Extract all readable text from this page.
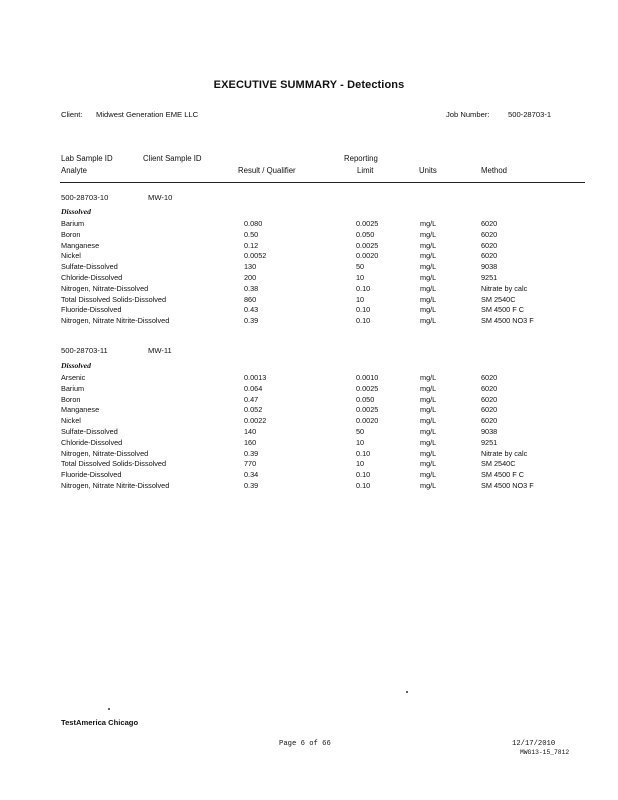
EXECUTIVE SUMMARY - Detections
Client: Midwest Generation EME LLC	Job Number: 500-28703-1
Lab Sample ID	Client Sample ID	Reporting
Analyte	Result / Qualifier	Limit	Units	Method
500-28703-10	MW-10
Dissolved
Barium	0.080	0.0025	mg/L	6020
Boron	0.50	0.050	mg/L	6020
Manganese	0.12	0.0025	mg/L	6020
Nickel	0.0052	0.0020	mg/L	6020
Sulfate-Dissolved	130	50	mg/L	9038
Chloride-Dissolved	200	10	mg/L	9251
Nitrogen, Nitrate-Dissolved	0.38	0.10	mg/L	Nitrate by calc
Total Dissolved Solids-Dissolved	860	10	mg/L	SM 2540C
Fluoride-Dissolved	0.43	0.10	mg/L	SM 4500 F C
Nitrogen, Nitrate Nitrite-Dissolved	0.39	0.10	mg/L	SM 4500 NO3 F
500-28703-11	MW-11
Dissolved
Arsenic	0.0013	0.0010	mg/L	6020
Barium	0.064	0.0025	mg/L	6020
Boron	0.47	0.050	mg/L	6020
Manganese	0.052	0.0025	mg/L	6020
Nickel	0.0022	0.0020	mg/L	6020
Sulfate-Dissolved	140	50	mg/L	9038
Chloride-Dissolved	160	10	mg/L	9251
Nitrogen, Nitrate-Dissolved	0.39	0.10	mg/L	Nitrate by calc
Total Dissolved Solids-Dissolved	770	10	mg/L	SM 2540C
Fluoride-Dissolved	0.34	0.10	mg/L	SM 4500 F C
Nitrogen, Nitrate Nitrite-Dissolved	0.39	0.10	mg/L	SM 4500 NO3 F
TestAmerica Chicago
Page 6 of 66	12/17/2010
MWG13-15_7812
